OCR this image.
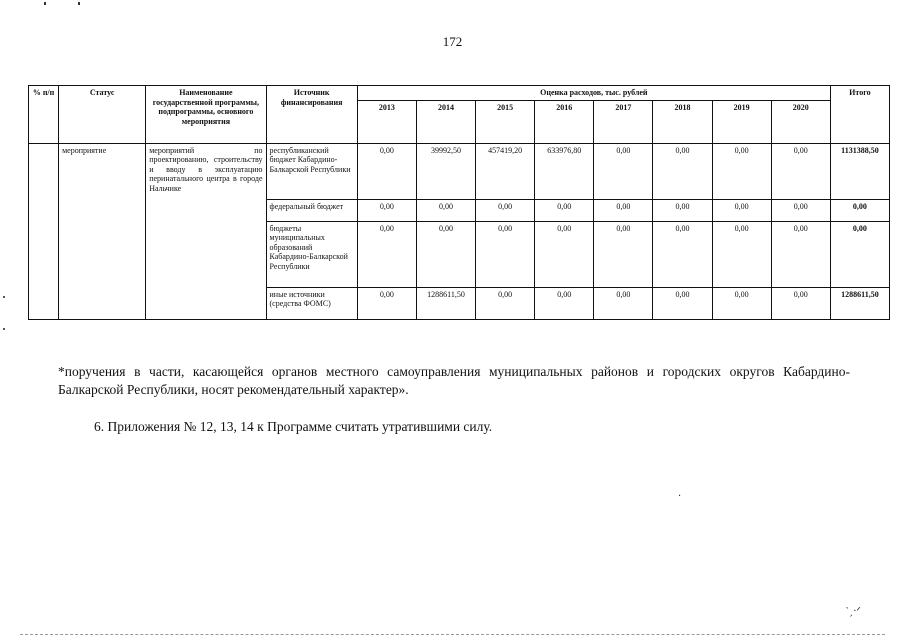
172
% п/п	Статус	Наименование государственной программы, подпрограммы, основного мероприятия	Источник финансирования	Оценка расходов, тыс. рублей								Итого
				2013	2014	2015	2016	2017	2018	2019	2020	
	мероприятие	мероприятий по проектированию, строительству и вводу в эксплуатацию перинатального центра в городе Нальчике	республиканский бюджет Кабардино-Балкарской Республики	0,00	39992,50	457419,20	633976,80	0,00	0,00	0,00	0,00	1131388,50
			федеральный бюджет	0,00	0,00	0,00	0,00	0,00	0,00	0,00	0,00	0,00
			бюджеты муниципальных образований Кабардино-Балкарской Республики	0,00	0,00	0,00	0,00	0,00	0,00	0,00	0,00	0,00
			иные источники (средства ФОМС)	0,00	1288611,50	0,00	0,00	0,00	0,00	0,00	0,00	1288611,50

*поручения в части, касающейся органов местного самоуправления муниципальных районов и городских округов Кабардино-Балкарской Республики, носят рекомендательный характер».

6. Приложения № 12, 13, 14 к Программе считать утратившими силу.

·
‵ˏ·ᐟ
